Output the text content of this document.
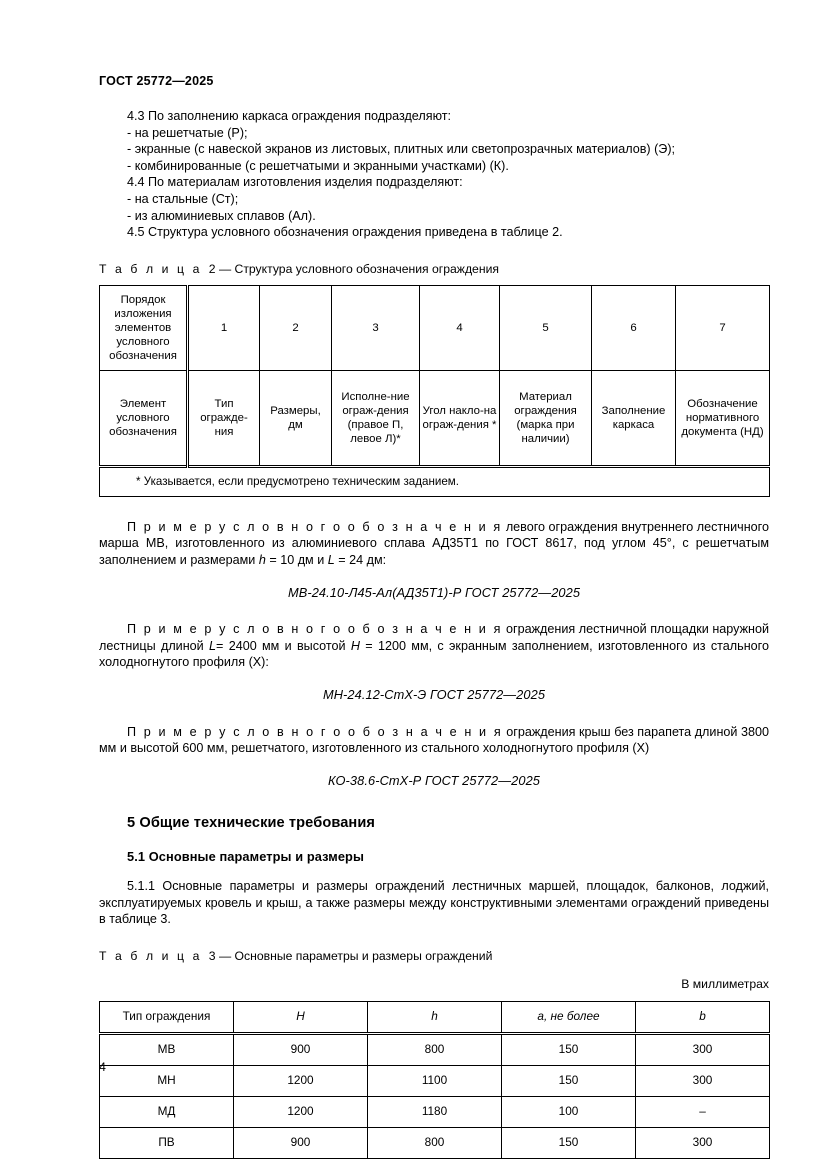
ГОСТ 25772—2025

4.3 По заполнению каркаса ограждения подразделяют:

- на решетчатые (Р);

- экранные (с навеской экранов из листовых, плитных или светопрозрачных материалов) (Э);

- комбинированные (с решетчатыми и экранными участками) (К).

4.4 По материалам изготовления изделия подразделяют:

- на стальные (Ст);

- из алюминиевых сплавов (Ал).

4.5 Структура условного обозначения ограждения приведена в таблице 2.

Т а б л и ц а 2 — Структура условного обозначения ограждения

Порядок изложения элементов условного обозначения	1	2	3	4	5	6	7
Элемент условного обозначения	Тип огражде-ния	Размеры, дм	Исполне-ние ограж-дения (правое П, левое Л)*	Угол накло-на ограж-дения *	Материал ограждения (марка при наличии)	Заполнение каркаса	Обозначение нормативного документа (НД)
* Указывается, если предусмотрено техническим заданием.							

П р и м е р у с л о в н о г о о б о з н а ч е н и я левого ограждения внутреннего лестничного марша МВ, изготовленного из алюминиевого сплава АД35Т1 по ГОСТ 8617, под углом 45°, с решетчатым заполнением и размерами h = 10 дм и L = 24 дм:

МВ-24.10-Л45-Ал(АД35Т1)-Р ГОСТ 25772—2025

П р и м е р у с л о в н о г о о б о з н а ч е н и я ограждения лестничной площадки наружной лестницы длиной L= 2400 мм и высотой H = 1200 мм, с экранным заполнением, изготовленного из стального холодногнутого профиля (Х):

МН-24.12-СтХ-Э ГОСТ 25772—2025

П р и м е р у с л о в н о г о о б о з н а ч е н и я ограждения крыш без парапета длиной 3800 мм и высотой 600 мм, решетчатого, изготовленного из стального холодногнутого профиля (Х)

КО-38.6-СтХ-Р ГОСТ 25772—2025

5 Общие технические требования
5.1 Основные параметры и размеры

5.1.1 Основные параметры и размеры ограждений лестничных маршей, площадок, балконов, лоджий, эксплуатируемых кровель и крыш, а также размеры между конструктивными элементами ограждений приведены в таблице 3.

Т а б л и ц а 3 — Основные параметры и размеры ограждений

В миллиметрах

Тип ограждения	H	h	a, не более	b
МВ	900	800	150	300
МН	1200	1100	150	300
МД	1200	1180	100	–
ПВ	900	800	150	300
4
